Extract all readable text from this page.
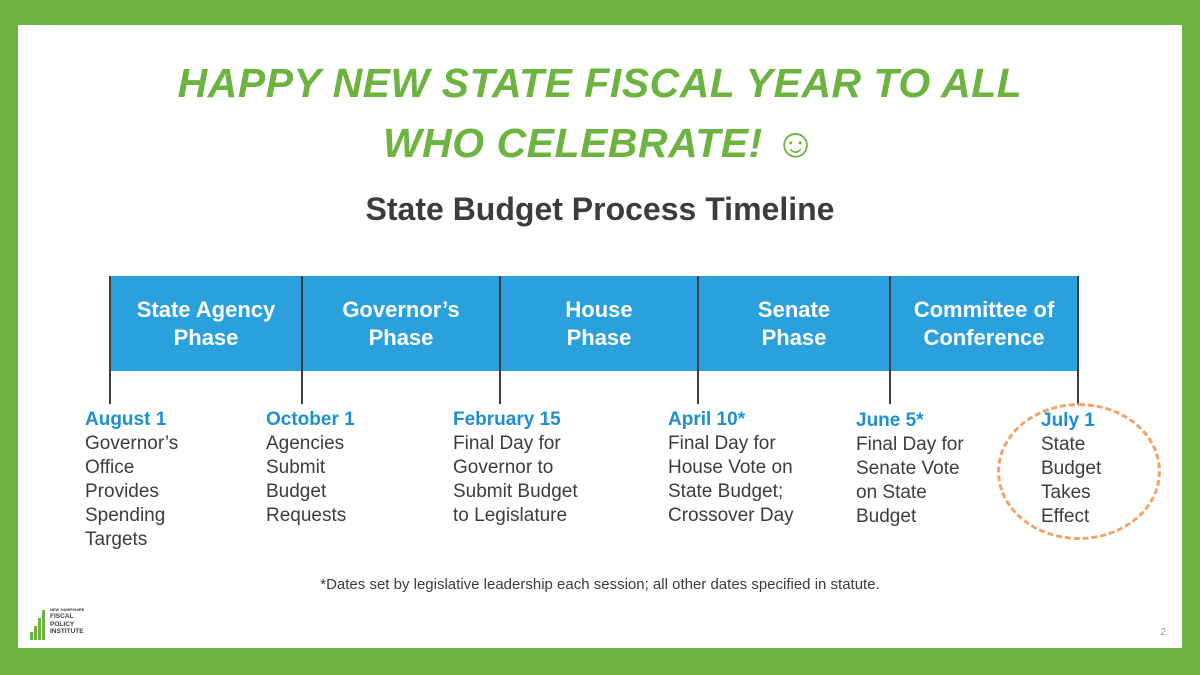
HAPPY NEW STATE FISCAL YEAR TO ALL
WHO CELEBRATE! ☺
State Budget Process Timeline
State Agency
Phase
Governor’s
Phase
House
Phase
Senate
Phase
Committee of
Conference
August 1
Governor’s
Office
Provides
Spending
Targets
October 1
Agencies
Submit
Budget
Requests
February 15
Final Day for
Governor to
Submit Budget
to Legislature
April 10*
Final Day for
House Vote on
State Budget;
Crossover Day
June 5*
Final Day for
Senate Vote
on State
Budget
July 1
State
Budget
Takes
Effect
*Dates set by legislative leadership each session; all other dates specified in statute.
NEW HAMPSHIRE
FISCAL
POLICY
INSTITUTE	2
